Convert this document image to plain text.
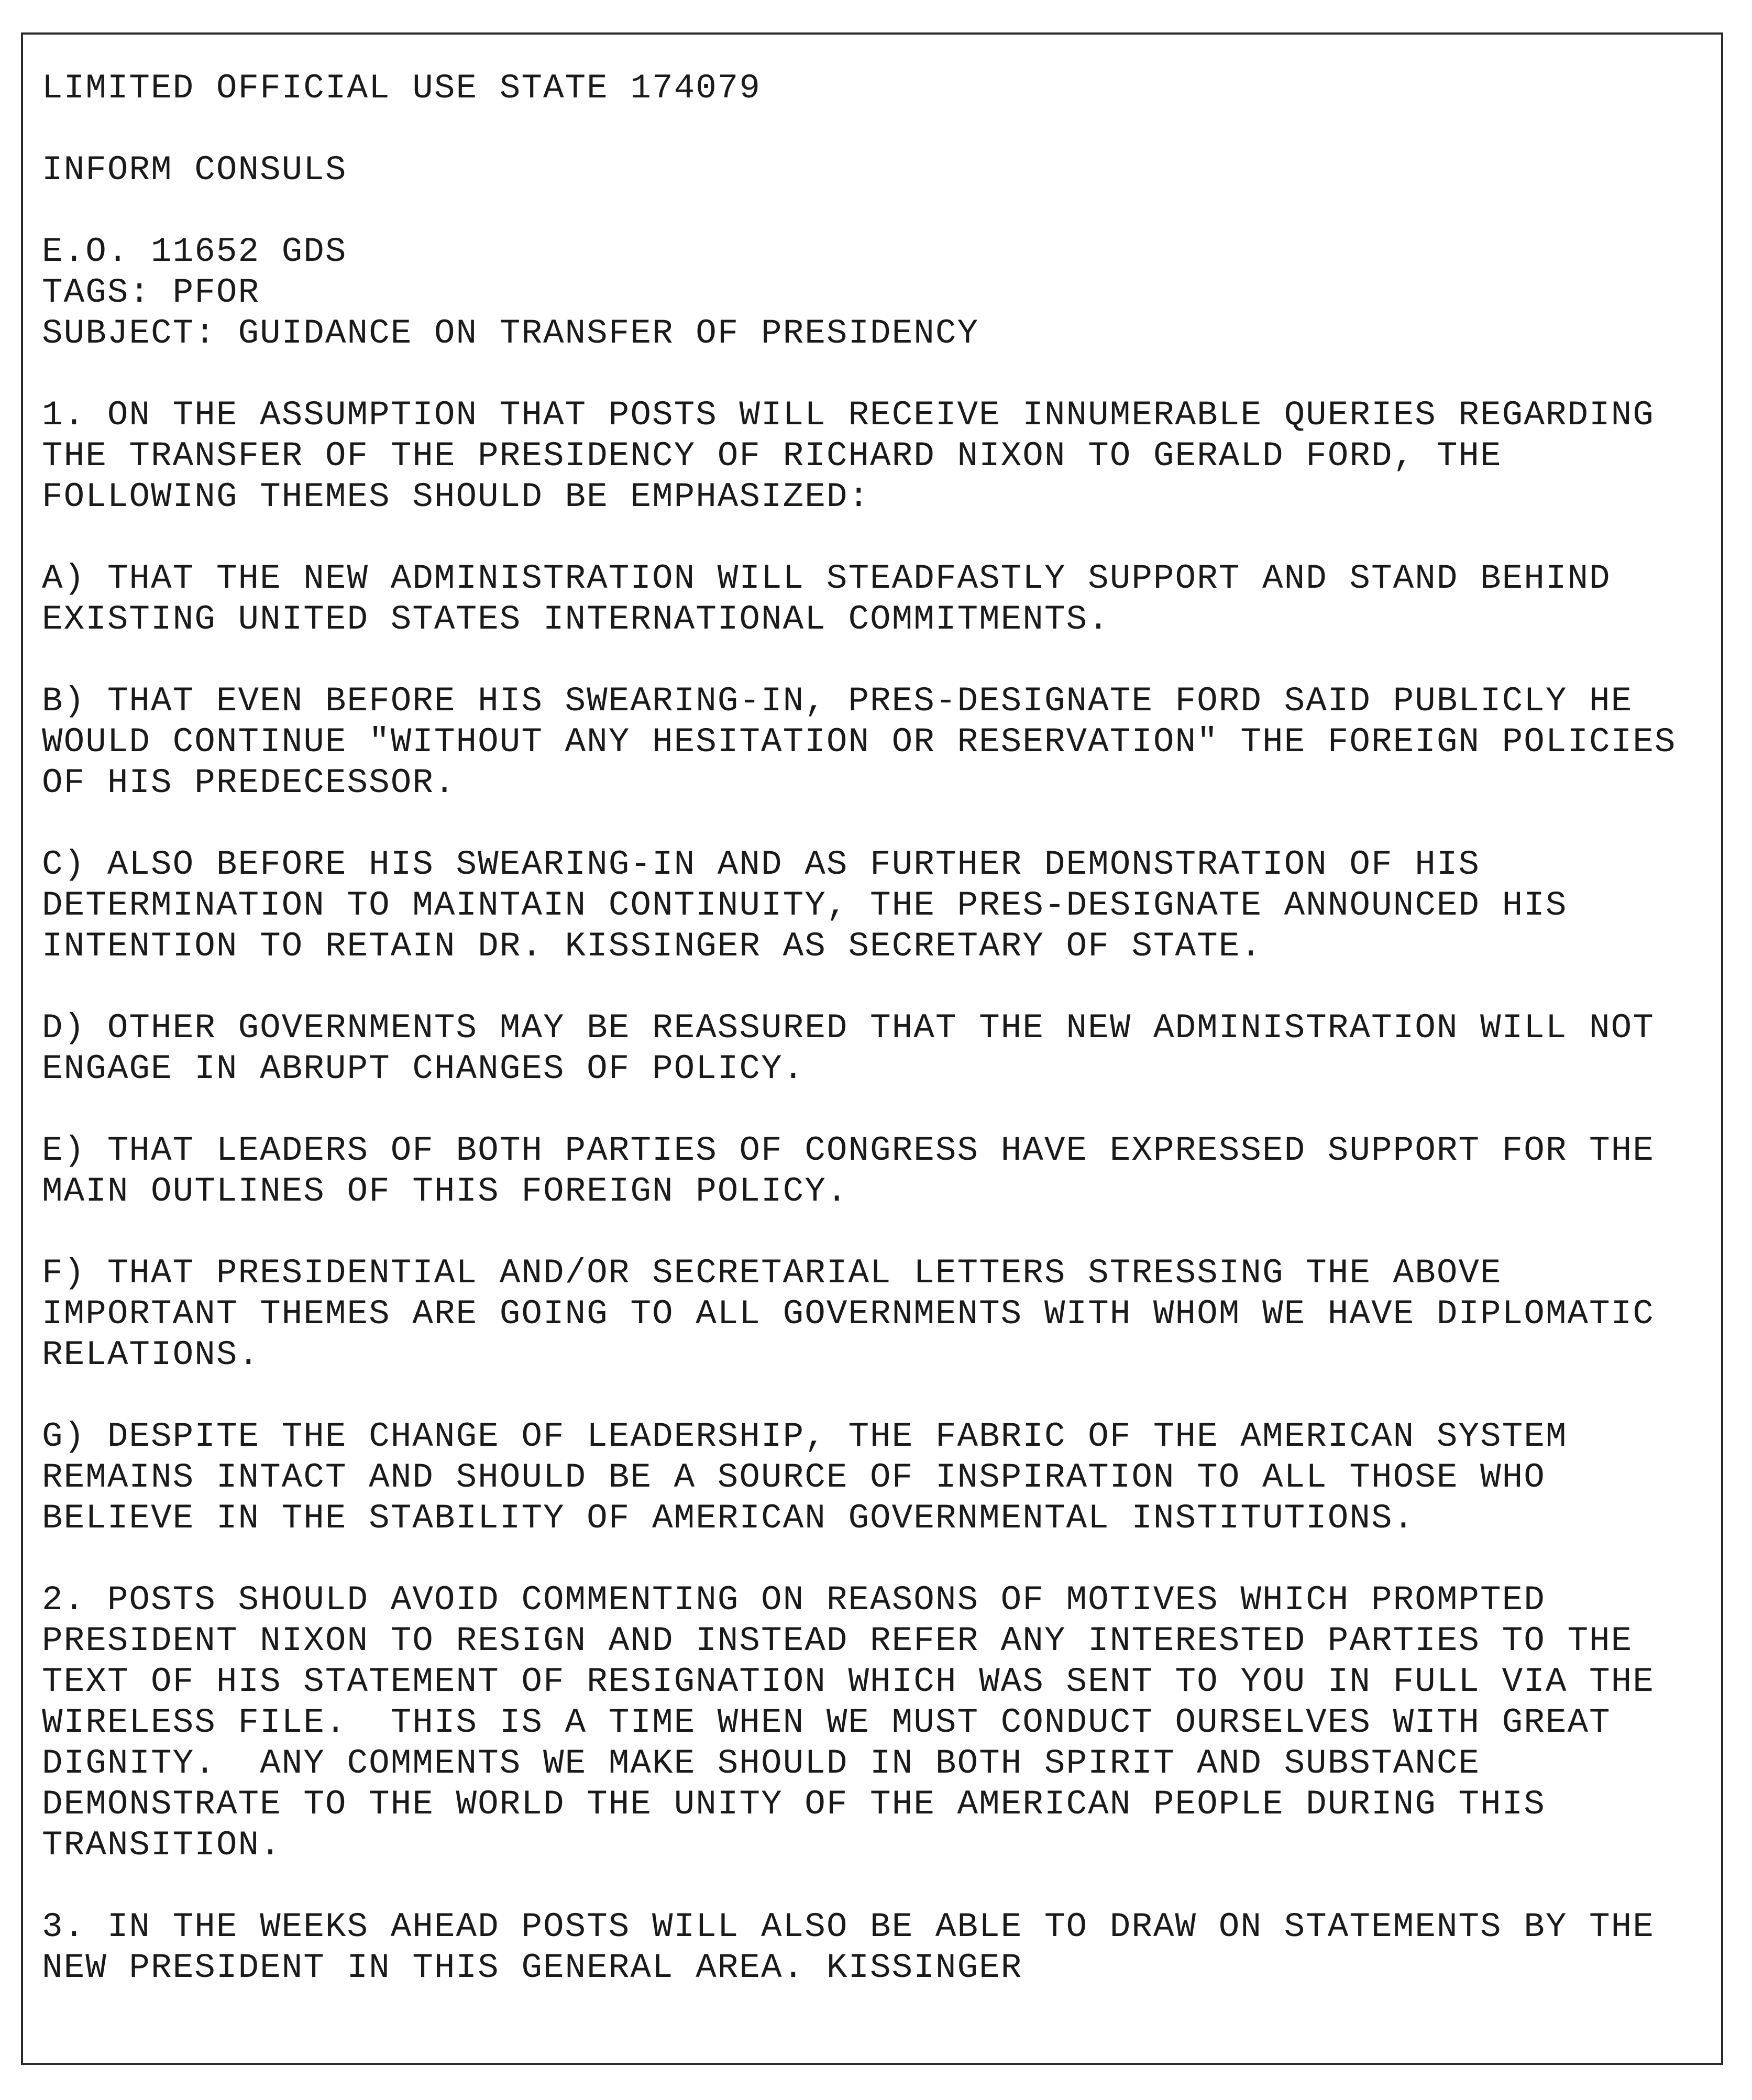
LIMITED OFFICIAL USE STATE 174079
INFORM CONSULS
E.O. 11652 GDS
TAGS: PFOR
SUBJECT: GUIDANCE ON TRANSFER OF PRESIDENCY
1. ON THE ASSUMPTION THAT POSTS WILL RECEIVE INNUMERABLE QUERIES REGARDING
THE TRANSFER OF THE PRESIDENCY OF RICHARD NIXON TO GERALD FORD, THE
FOLLOWING THEMES SHOULD BE EMPHASIZED:
A) THAT THE NEW ADMINISTRATION WILL STEADFASTLY SUPPORT AND STAND BEHIND
EXISTING UNITED STATES INTERNATIONAL COMMITMENTS.
B) THAT EVEN BEFORE HIS SWEARING-IN, PRES-DESIGNATE FORD SAID PUBLICLY HE
WOULD CONTINUE "WITHOUT ANY HESITATION OR RESERVATION" THE FOREIGN POLICIES
OF HIS PREDECESSOR.
C) ALSO BEFORE HIS SWEARING-IN AND AS FURTHER DEMONSTRATION OF HIS
DETERMINATION TO MAINTAIN CONTINUITY, THE PRES-DESIGNATE ANNOUNCED HIS
INTENTION TO RETAIN DR. KISSINGER AS SECRETARY OF STATE.
D) OTHER GOVERNMENTS MAY BE REASSURED THAT THE NEW ADMINISTRATION WILL NOT
ENGAGE IN ABRUPT CHANGES OF POLICY.
E) THAT LEADERS OF BOTH PARTIES OF CONGRESS HAVE EXPRESSED SUPPORT FOR THE
MAIN OUTLINES OF THIS FOREIGN POLICY.
F) THAT PRESIDENTIAL AND/OR SECRETARIAL LETTERS STRESSING THE ABOVE
IMPORTANT THEMES ARE GOING TO ALL GOVERNMENTS WITH WHOM WE HAVE DIPLOMATIC
RELATIONS.
G) DESPITE THE CHANGE OF LEADERSHIP, THE FABRIC OF THE AMERICAN SYSTEM
REMAINS INTACT AND SHOULD BE A SOURCE OF INSPIRATION TO ALL THOSE WHO
BELIEVE IN THE STABILITY OF AMERICAN GOVERNMENTAL INSTITUTIONS.
2. POSTS SHOULD AVOID COMMENTING ON REASONS OF MOTIVES WHICH PROMPTED
PRESIDENT NIXON TO RESIGN AND INSTEAD REFER ANY INTERESTED PARTIES TO THE
TEXT OF HIS STATEMENT OF RESIGNATION WHICH WAS SENT TO YOU IN FULL VIA THE
WIRELESS FILE.  THIS IS A TIME WHEN WE MUST CONDUCT OURSELVES WITH GREAT
DIGNITY.  ANY COMMENTS WE MAKE SHOULD IN BOTH SPIRIT AND SUBSTANCE
DEMONSTRATE TO THE WORLD THE UNITY OF THE AMERICAN PEOPLE DURING THIS
TRANSITION.
3. IN THE WEEKS AHEAD POSTS WILL ALSO BE ABLE TO DRAW ON STATEMENTS BY THE
NEW PRESIDENT IN THIS GENERAL AREA. KISSINGER
